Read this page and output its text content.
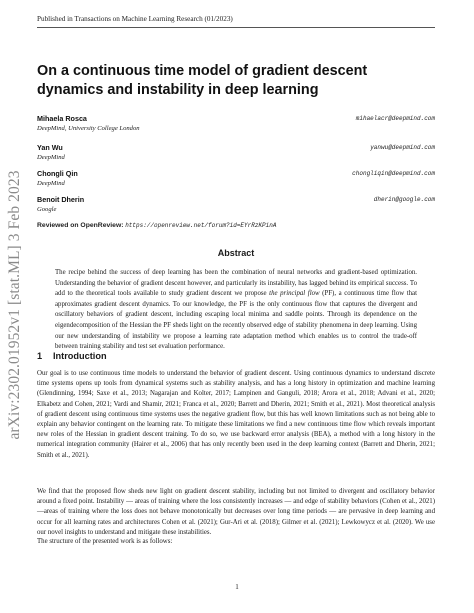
arXiv:2302.01952v1 [stat.ML] 3 Feb 2023
Published in Transactions on Machine Learning Research (01/2023)
On a continuous time model of gradient descent dynamics and instability in deep learning
Mihaela Rosca
DeepMind, University College London
mihaelacr@deepmind.com
Yan Wu
DeepMind
yanwu@deepmind.com
Chongli Qin
DeepMind
chongliqin@deepmind.com
Benoit Dherin
Google
dherin@google.com
Reviewed on OpenReview: https://openreview.net/forum?id=EYrRzKPinA
Abstract
The recipe behind the success of deep learning has been the combination of neural networks and gradient-based optimization. Understanding the behavior of gradient descent however, and particularly its instability, has lagged behind its empirical success. To add to the theoretical tools available to study gradient descent we propose the principal flow (PF), a continuous time flow that approximates gradient descent dynamics. To our knowledge, the PF is the only continuous flow that captures the divergent and oscillatory behaviors of gradient descent, including escaping local minima and saddle points. Through its dependence on the eigendecomposition of the Hessian the PF sheds light on the recently observed edge of stability phenomena in deep learning. Using our new understanding of instability we propose a learning rate adaptation method which enables us to control the trade-off between training stability and test set evaluation performance.
1 Introduction
Our goal is to use continuous time models to understand the behavior of gradient descent. Using continuous dynamics to understand discrete time systems opens up tools from dynamical systems such as stability analysis, and has a long history in optimization and machine learning (Glendinning, 1994; Saxe et al., 2013; Nagarajan and Kolter, 2017; Lampinen and Ganguli, 2018; Arora et al., 2018; Advani et al., 2020; Elkabetz and Cohen, 2021; Vardi and Shamir, 2021; Franca et al., 2020; Barrett and Dherin, 2021; Smith et al., 2021). Most theoretical analysis of gradient descent using continuous time systems uses the negative gradient flow, but this has well known limitations such as not being able to explain any behavior contingent on the learning rate. To mitigate these limitations we find a new continuous time flow which reveals important new roles of the Hessian in gradient descent training. To do so, we use backward error analysis (BEA), a method with a long history in the numerical integration community (Hairer et al., 2006) that has only recently been used in the deep learning context (Barrett and Dherin, 2021; Smith et al., 2021).
We find that the proposed flow sheds new light on gradient descent stability, including but not limited to divergent and oscillatory behavior around a fixed point. Instability — areas of training where the loss consistently increases — and edge of stability behaviors (Cohen et al., 2021) —areas of training where the loss does not behave monotonically but decreases over long time periods — are pervasive in deep learning and occur for all learning rates and architectures Cohen et al. (2021); Gur-Ari et al. (2018); Gilmer et al. (2021); Lewkowycz et al. (2020). We use our novel insights to understand and mitigate these instabilities.
The structure of the presented work is as follows:
1
